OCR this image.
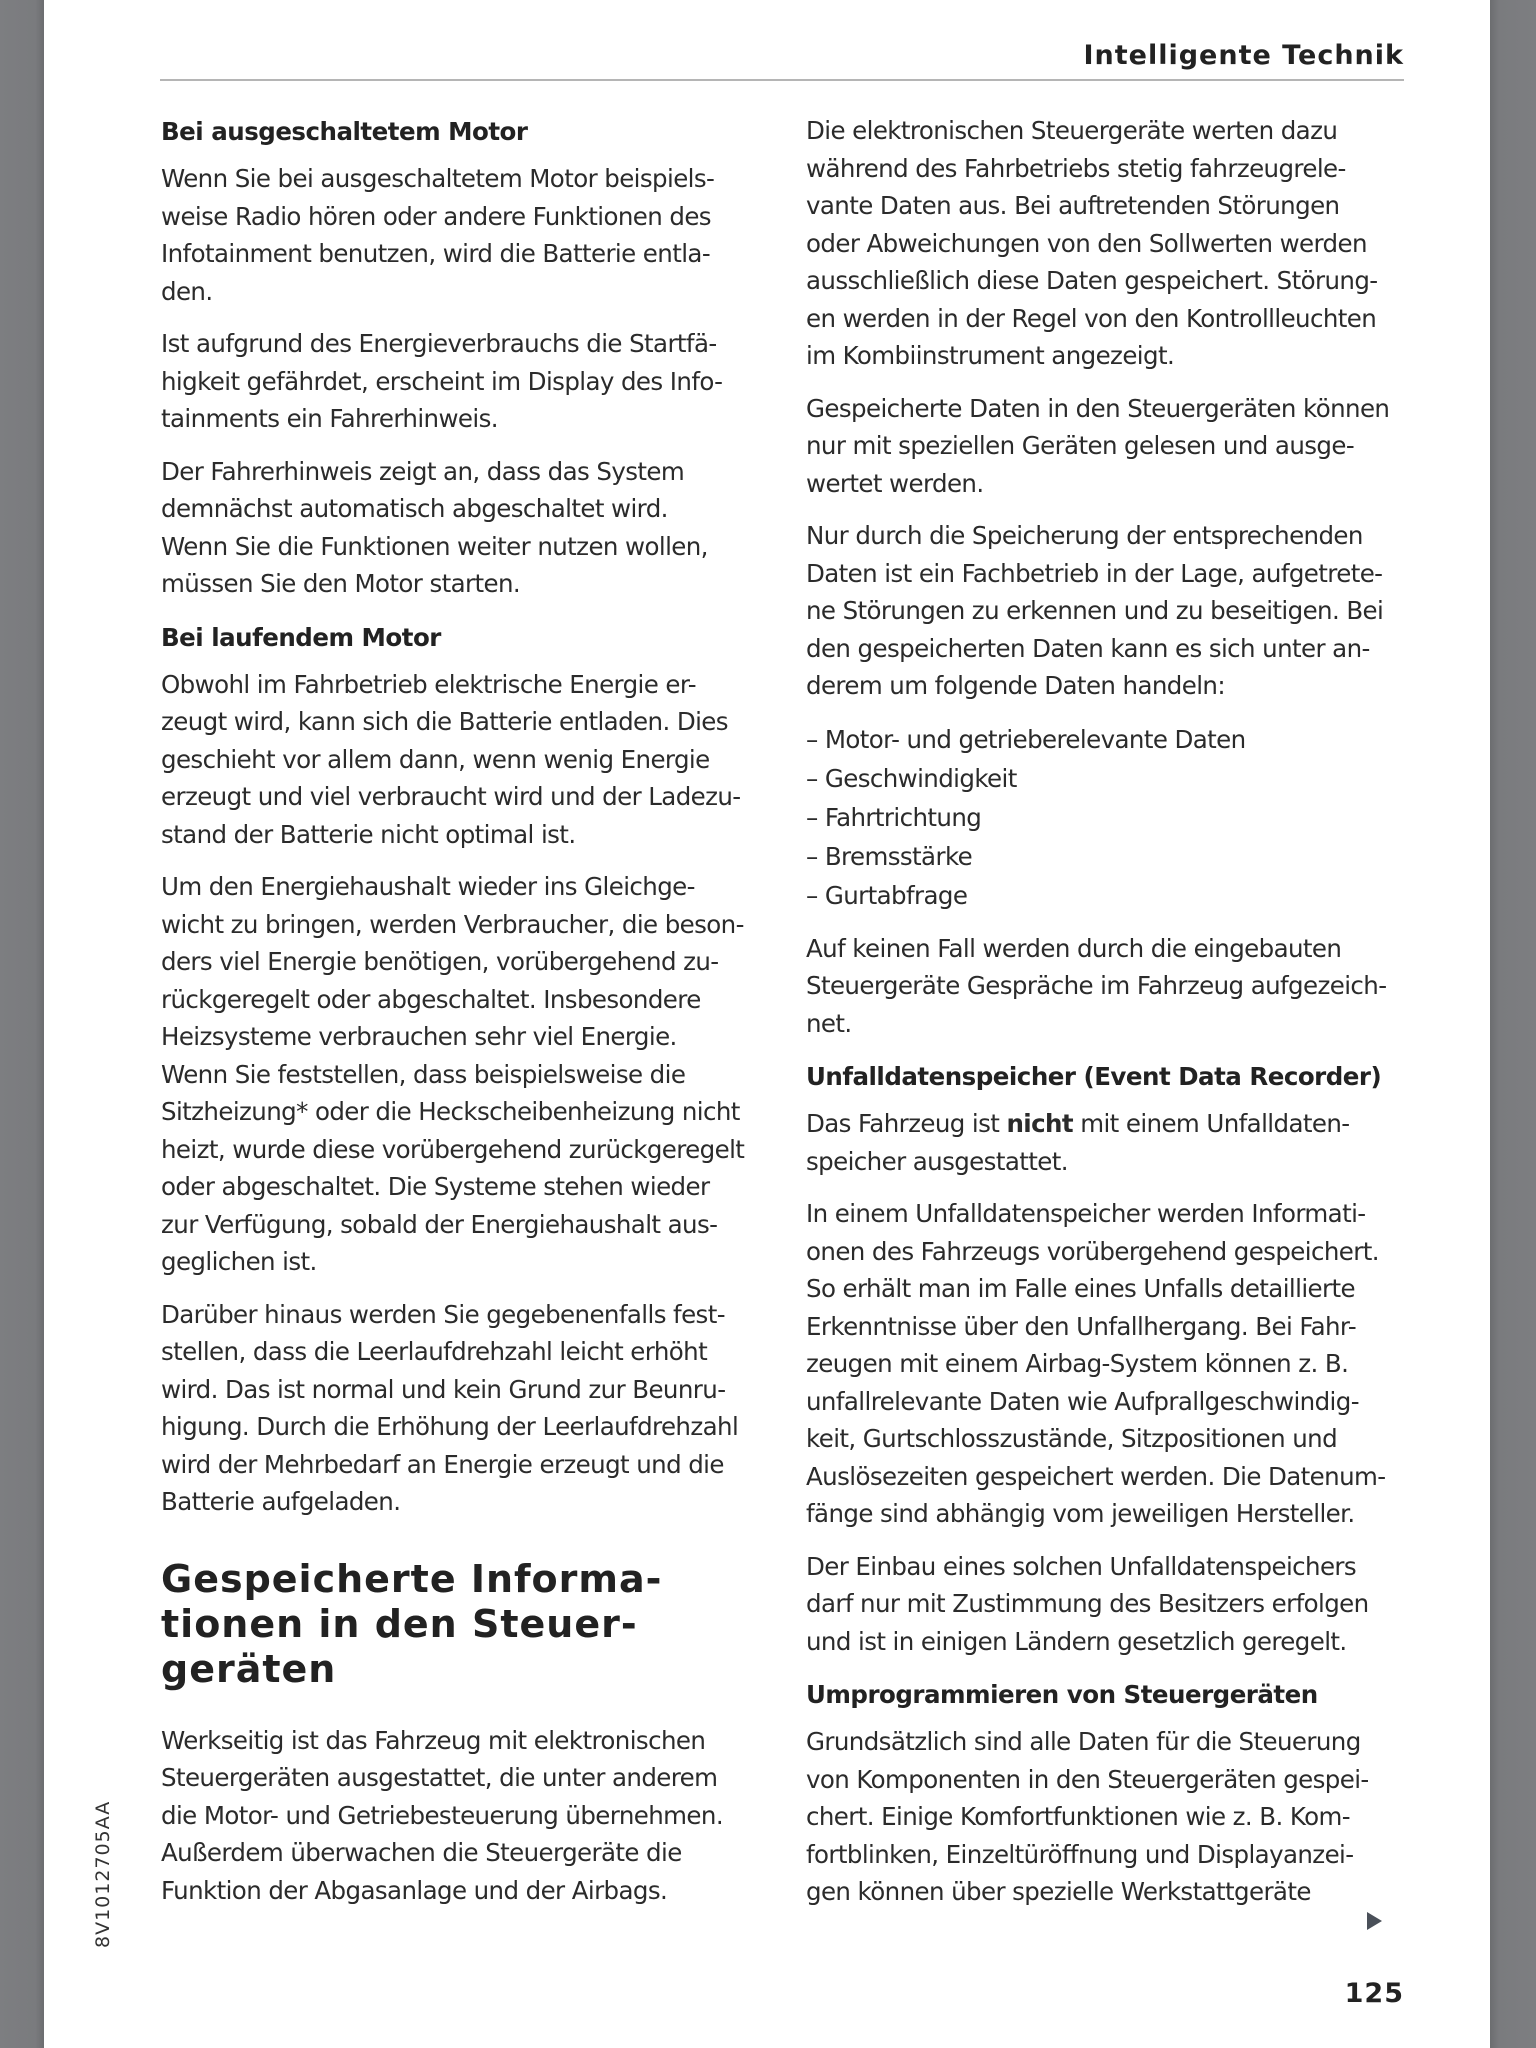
Intelligente Technik
Bei ausgeschaltetem Motor
Wenn Sie bei ausgeschaltetem Motor beispiels-
weise Radio hören oder andere Funktionen des
Infotainment benutzen, wird die Batterie entla-
den.
Ist aufgrund des Energieverbrauchs die Startfä-
higkeit gefährdet, erscheint im Display des Info-
tainments ein Fahrerhinweis.
Der Fahrerhinweis zeigt an, dass das System
demnächst automatisch abgeschaltet wird.
Wenn Sie die Funktionen weiter nutzen wollen,
müssen Sie den Motor starten.
Bei laufendem Motor
Obwohl im Fahrbetrieb elektrische Energie er-
zeugt wird, kann sich die Batterie entladen. Dies
geschieht vor allem dann, wenn wenig Energie
erzeugt und viel verbraucht wird und der Ladezu-
stand der Batterie nicht optimal ist.
Um den Energiehaushalt wieder ins Gleichge-
wicht zu bringen, werden Verbraucher, die beson-
ders viel Energie benötigen, vorübergehend zu-
rückgeregelt oder abgeschaltet. Insbesondere
Heizsysteme verbrauchen sehr viel Energie.
Wenn Sie feststellen, dass beispielsweise die
Sitzheizung* oder die Heckscheibenheizung nicht
heizt, wurde diese vorübergehend zurückgeregelt
oder abgeschaltet. Die Systeme stehen wieder
zur Verfügung, sobald der Energiehaushalt aus-
geglichen ist.
Darüber hinaus werden Sie gegebenenfalls fest-
stellen, dass die Leerlaufdrehzahl leicht erhöht
wird. Das ist normal und kein Grund zur Beunru-
higung. Durch die Erhöhung der Leerlaufdrehzahl
wird der Mehrbedarf an Energie erzeugt und die
Batterie aufgeladen.
Gespeicherte Informa-
tionen in den Steuer-
geräten
Werkseitig ist das Fahrzeug mit elektronischen
Steuergeräten ausgestattet, die unter anderem
die Motor- und Getriebesteuerung übernehmen.
Außerdem überwachen die Steuergeräte die
Funktion der Abgasanlage und der Airbags.
Die elektronischen Steuergeräte werten dazu
während des Fahrbetriebs stetig fahrzeugrele-
vante Daten aus. Bei auftretenden Störungen
oder Abweichungen von den Sollwerten werden
ausschließlich diese Daten gespeichert. Störung-
en werden in der Regel von den Kontrollleuchten
im Kombiinstrument angezeigt.
Gespeicherte Daten in den Steuergeräten können
nur mit speziellen Geräten gelesen und ausge-
wertet werden.
Nur durch die Speicherung der entsprechenden
Daten ist ein Fachbetrieb in der Lage, aufgetrete-
ne Störungen zu erkennen und zu beseitigen. Bei
den gespeicherten Daten kann es sich unter an-
derem um folgende Daten handeln:
– Motor- und getrieberelevante Daten
– Geschwindigkeit
– Fahrtrichtung
– Bremsstärke
– Gurtabfrage
Auf keinen Fall werden durch die eingebauten
Steuergeräte Gespräche im Fahrzeug aufgezeich-
net.
Unfalldatenspeicher (Event Data Recorder)
Das Fahrzeug ist nicht mit einem Unfalldaten-
speicher ausgestattet.
In einem Unfalldatenspeicher werden Informati-
onen des Fahrzeugs vorübergehend gespeichert.
So erhält man im Falle eines Unfalls detaillierte
Erkenntnisse über den Unfallhergang. Bei Fahr-
zeugen mit einem Airbag-System können z. B.
unfallrelevante Daten wie Aufprallgeschwindig-
keit, Gurtschlosszustände, Sitzpositionen und
Auslösezeiten gespeichert werden. Die Datenum-
fänge sind abhängig vom jeweiligen Hersteller.
Der Einbau eines solchen Unfalldatenspeichers
darf nur mit Zustimmung des Besitzers erfolgen
und ist in einigen Ländern gesetzlich geregelt.
Umprogrammieren von Steuergeräten
Grundsätzlich sind alle Daten für die Steuerung
von Komponenten in den Steuergeräten gespei-
chert. Einige Komfortfunktionen wie z. B. Kom-
fortblinken, Einzeltüröffnung und Displayanzei-
gen können über spezielle Werkstattgeräte
8V1012705AA
125
